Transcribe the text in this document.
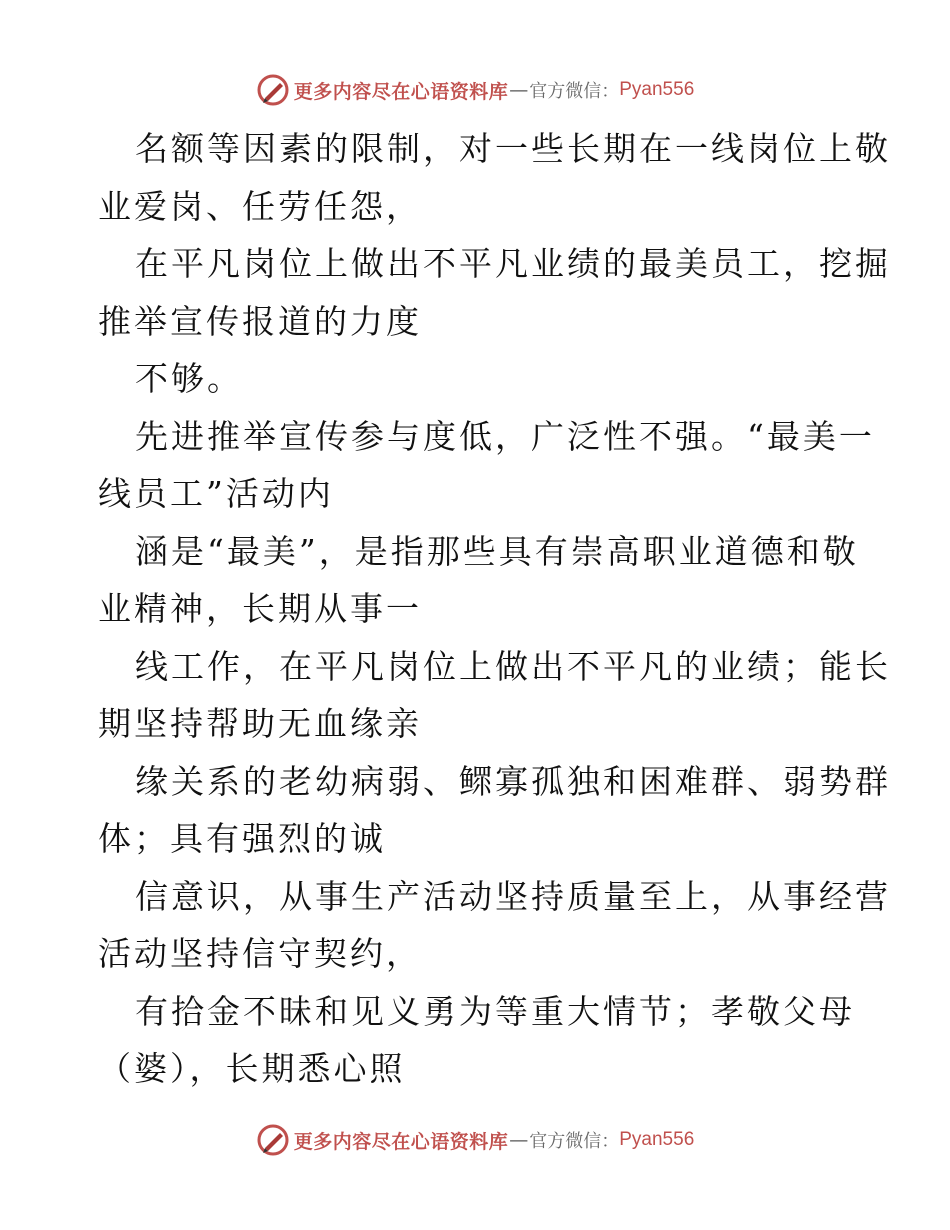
更多内容尽在心语资料库 — 官方微信： Pyan556
名额等因素的限制，对一些长期在一线岗位上敬
业爱岗、任劳任怨，
在平凡岗位上做出不平凡业绩的最美员工，挖掘
推举宣传报道的力度
不够。
先进推举宣传参与度低，广泛性不强。“最美一
线员工”活动内
涵是“最美”，是指那些具有崇高职业道德和敬
业精神，长期从事一
线工作，在平凡岗位上做出不平凡的业绩；能长
期坚持帮助无血缘亲
缘关系的老幼病弱、鳏寡孤独和困难群、弱势群
体；具有强烈的诚
信意识，从事生产活动坚持质量至上，从事经营
活动坚持信守契约，
有拾金不昧和见义勇为等重大情节；孝敬父母
（婆），长期悉心照
更多内容尽在心语资料库 — 官方微信： Pyan556
